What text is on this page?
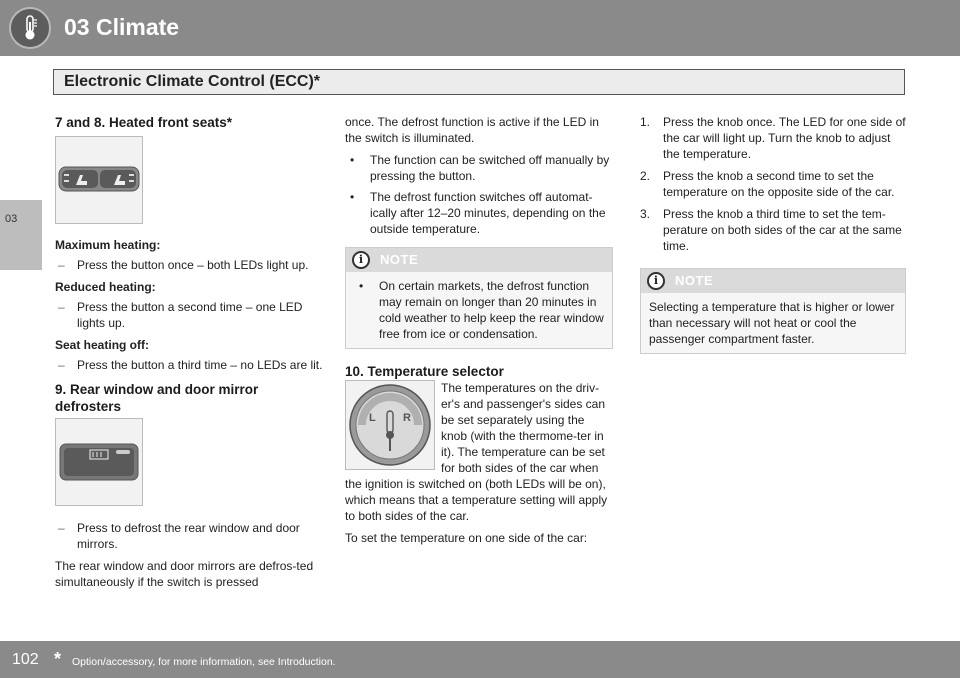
03 Climate
Electronic Climate Control (ECC)*
03
7 and 8. Heated front seats*
Maximum heating:
– Press the button once – both LEDs light up.
Reduced heating:
– Press the button a second time – one LED lights up.
Seat heating off:
– Press the button a third time – no LEDs are lit.
9. Rear window and door mirror defrosters
– Press to defrost the rear window and door mirrors.
The rear window and door mirrors are defros-ted simultaneously if the switch is pressed
once. The defrost function is active if the LED in the switch is illuminated.
• The function can be switched off manually by pressing the button.
• The defrost function switches off automat-ically after 12–20 minutes, depending on the outside temperature.
i	NOTE
• On certain markets, the defrost function may remain on longer than 20 minutes in cold weather to help keep the rear window free from ice or condensation.
10. Temperature selector
L R
The temperatures on the driv-er's and passenger's sides can be set separately using the knob (with the thermome-ter in it). The temperature can be set for both sides of the car when the ignition is switched on (both LEDs will be on), which means that a temperature setting will apply to both sides of the car.
To set the temperature on one side of the car:
1. Press the knob once. The LED for one side of the car will light up. Turn the knob to adjust the temperature.
2. Press the knob a second time to set the temperature on the opposite side of the car.
3. Press the knob a third time to set the tem-perature on both sides of the car at the same time.
i	NOTE
Selecting a temperature that is higher or lower than necessary will not heat or cool the passenger compartment faster.
102 * Option/accessory, for more information, see Introduction.
